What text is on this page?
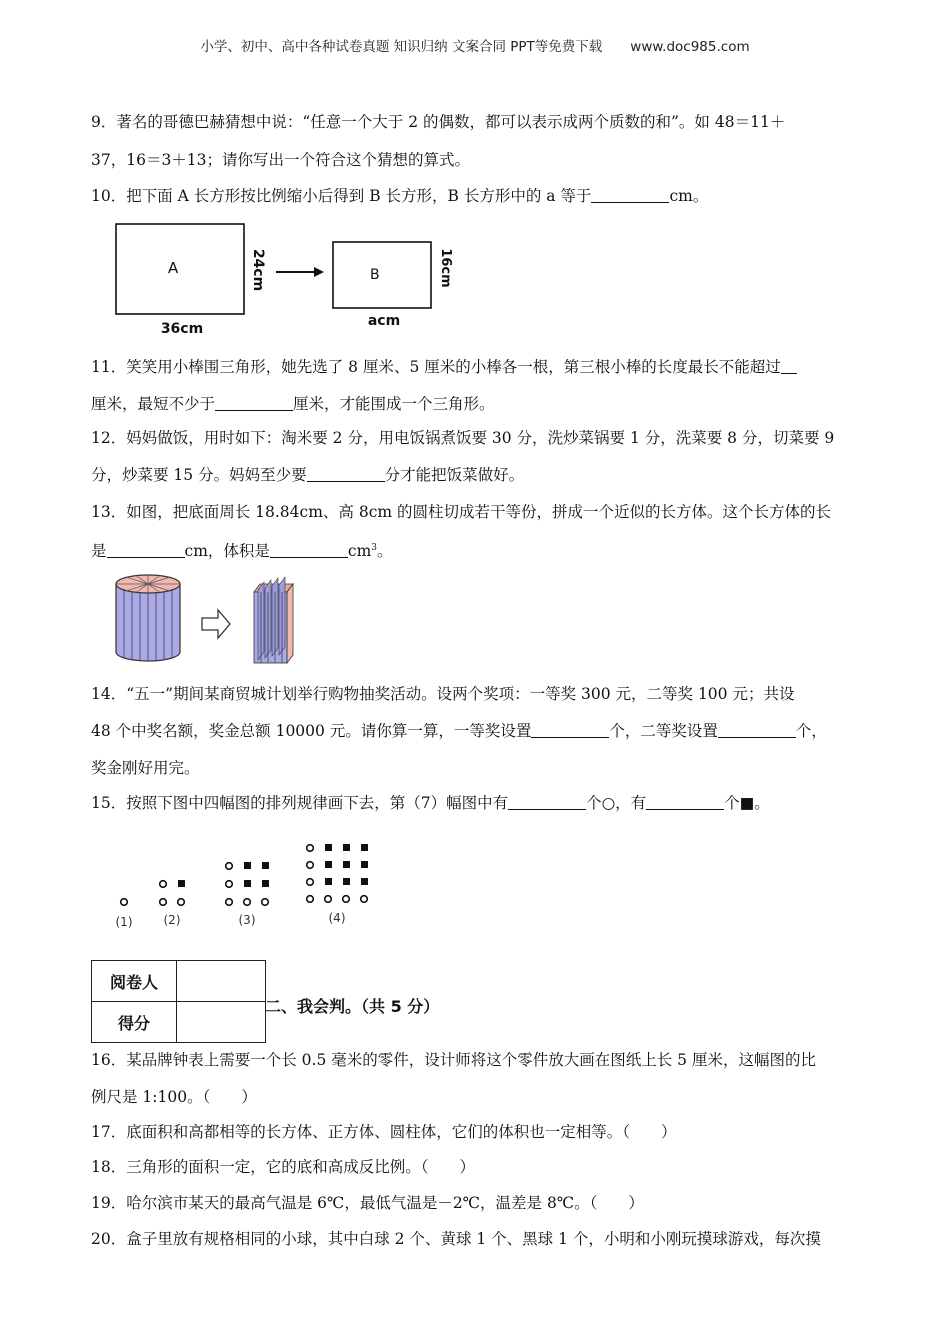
小学、初中、高中各种试卷真题 知识归纳 文案合同 PPT等免费下载 www.doc985.com
9．著名的哥德巴赫猜想中说：“任意一个大于 2 的偶数，都可以表示成两个质数的和”。如 48＝11＋
37，16＝3＋13；请你写出一个符合这个猜想的算式。
10．把下面 A 长方形按比例缩小后得到 B 长方形，B 长方形中的 a 等于	cm。
A	24cm
36cm
B	16cm
acm
11．笑笑用小棒围三角形，她先选了 8 厘米、5 厘米的小棒各一根，第三根小棒的长度最长不能超过
厘米，最短不少于	厘米，才能围成一个三角形。
12．妈妈做饭，用时如下：淘米要 2 分，用电饭锅煮饭要 30 分，洗炒菜锅要 1 分，洗菜要 8 分，切菜要 9
分，炒菜要 15 分。妈妈至少要	分才能把饭菜做好。
13．如图，把底面周长 18.84cm、高 8cm 的圆柱切成若干等份，拼成一个近似的长方体。这个长方体的长
是	cm，体积是	$cm^3$。
14．“五一”期间某商贸城计划举行购物抽奖活动。设两个奖项：一等奖 300 元，二等奖 100 元；共设
48 个中奖名额，奖金总额 10000 元。请你算一算，一等奖设置	个，二等奖设置	个，
奖金刚好用完。
15．按照下图中四幅图的排列规律画下去，第（7）幅图中有	个○，有	个■。
(1)	(2)	(3)	(4)
阅卷人	
得分	
二、我会判。（共 5 分）
16．某品牌钟表上需要一个长 0.5 毫米的零件，设计师将这个零件放大画在图纸上长 5 厘米，这幅图的比
例尺是 1:100。（　　）
17．底面积和高都相等的长方体、正方体、圆柱体，它们的体积也一定相等。（　　）
18．三角形的面积一定，它的底和高成反比例。（　　）
19．哈尔滨市某天的最高气温是 6℃，最低气温是－2℃，温差是 8℃。（　　）
20．盒子里放有规格相同的小球，其中白球 2 个、黄球 1 个、黑球 1 个，小明和小刚玩摸球游戏，每次摸
